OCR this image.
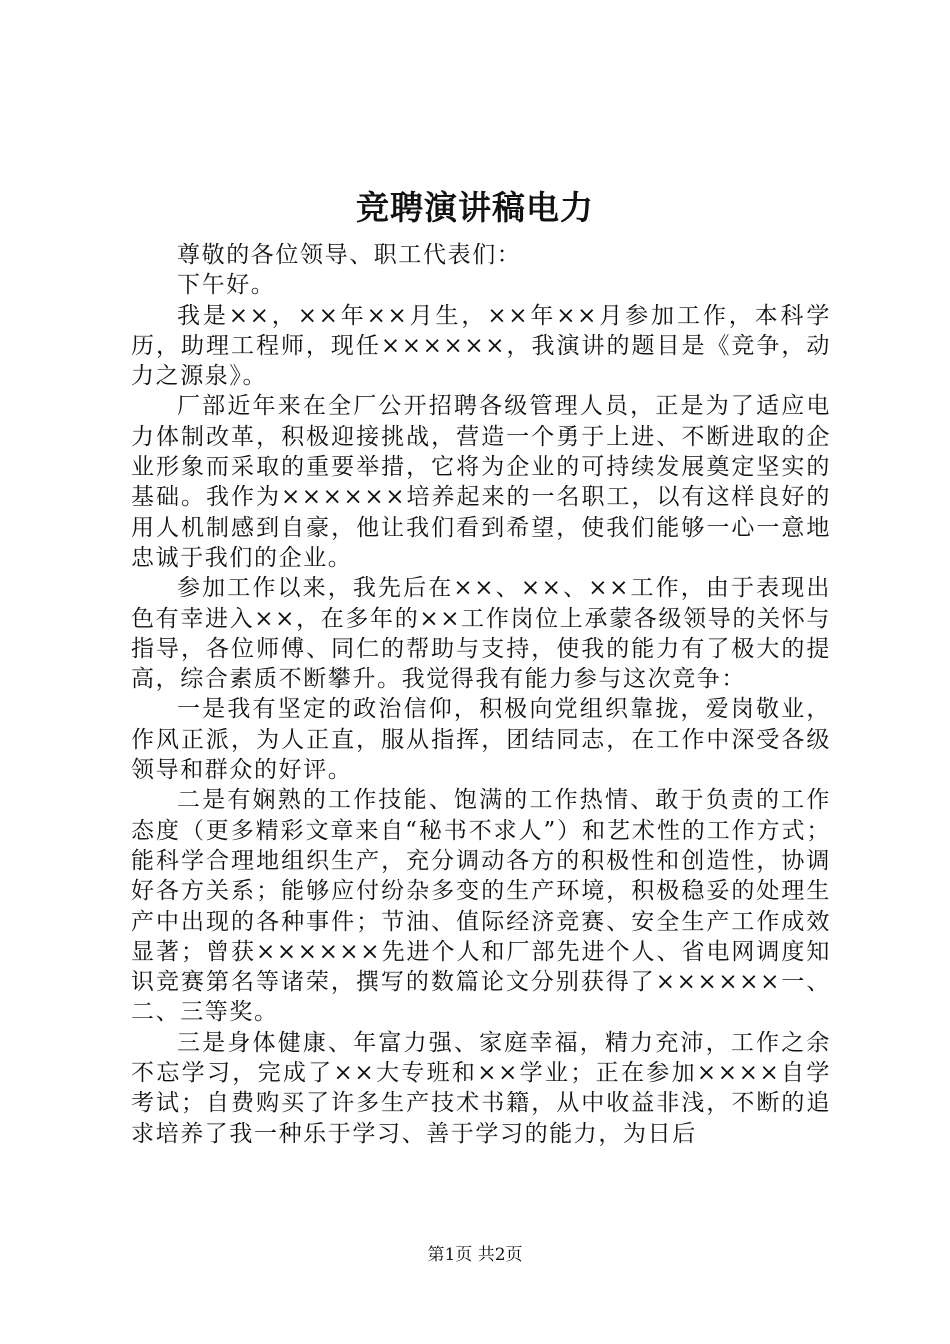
竞聘演讲稿电力

尊敬的各位领导、职工代表们：

下午好。

我是××，××年××月生，××年××月参加工作，本科学历，助理工程师，现任××××××，我演讲的题目是《竞争，动力之源泉》。

厂部近年来在全厂公开招聘各级管理人员，正是为了适应电力体制改革，积极迎接挑战，营造一个勇于上进、不断进取的企业形象而采取的重要举措，它将为企业的可持续发展奠定坚实的基础。我作为××××××培养起来的一名职工，以有这样良好的用人机制感到自豪，他让我们看到希望，使我们能够一心一意地忠诚于我们的企业。

参加工作以来，我先后在××、××、××工作，由于表现出色有幸进入××，在多年的××工作岗位上承蒙各级领导的关怀与指导，各位师傅、同仁的帮助与支持，使我的能力有了极大的提高，综合素质不断攀升。我觉得我有能力参与这次竞争：

一是我有坚定的政治信仰，积极向党组织靠拢，爱岗敬业，作风正派，为人正直，服从指挥，团结同志，在工作中深受各级领导和群众的好评。

二是有娴熟的工作技能、饱满的工作热情、敢于负责的工作态度（更多精彩文章来自“秘书不求人”）和艺术性的工作方式；能科学合理地组织生产，充分调动各方的积极性和创造性，协调好各方关系；能够应付纷杂多变的生产环境，积极稳妥的处理生产中出现的各种事件；节油、值际经济竞赛、安全生产工作成效显著；曾获××××××先进个人和厂部先进个人、省电网调度知识竞赛第名等诸荣，撰写的数篇论文分别获得了××××××一、二、三等奖。

三是身体健康、年富力强、家庭幸福，精力充沛，工作之余不忘学习，完成了××大专班和××学业；正在参加××××自学考试；自费购买了许多生产技术书籍，从中收益非浅，不断的追求培养了我一种乐于学习、善于学习的能力，为日后

第1页 共2页
